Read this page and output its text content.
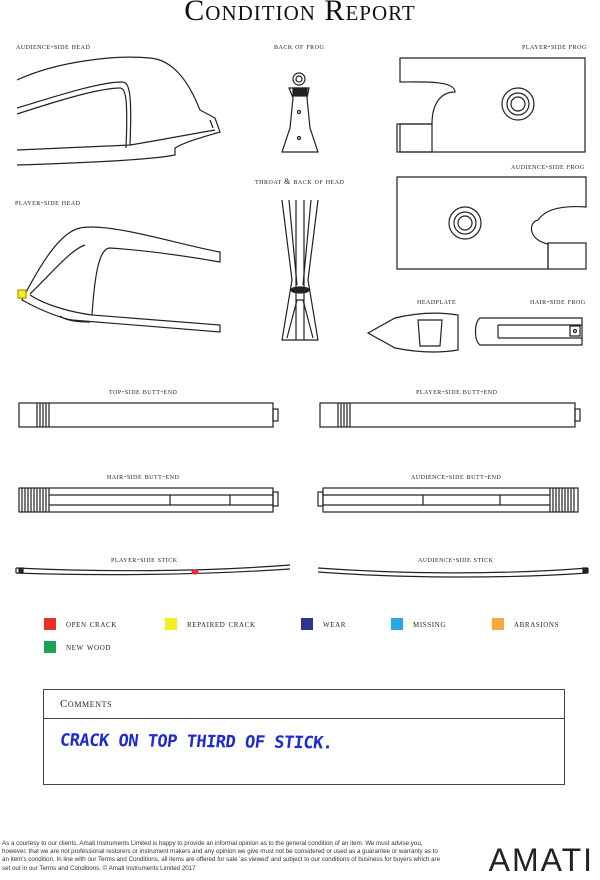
Condition Report
audience-side head	back of frog	player-side frog
audience-side frog
throat & back of head
player-side head
headplate	hair-side frog
top-side butt-end	player-side butt-end
hair-side butt-end	audience-side butt-end
player-side stick	audience-side stick
open crack	repaired crack	wear	missing	abrasions
new wood
Comments
CRACK ON TOP THIRD OF STICK.
As a courtesy to our clients, Amati Instruments Limited is happy to provide an informal opinion as to the general condition of an item. We must advise you, however, that we are not professional restorers or instrument makers and any opinion we give must not be considered or used as a guarantee or warranty as to an item's condition. In line with our Terms and Conditions, all items are offered for sale 'as viewed' and subject to our conditions of business for buyers which are set out in our Terms and Conditions. © Amati Instruments Limited 2017	AMATI
